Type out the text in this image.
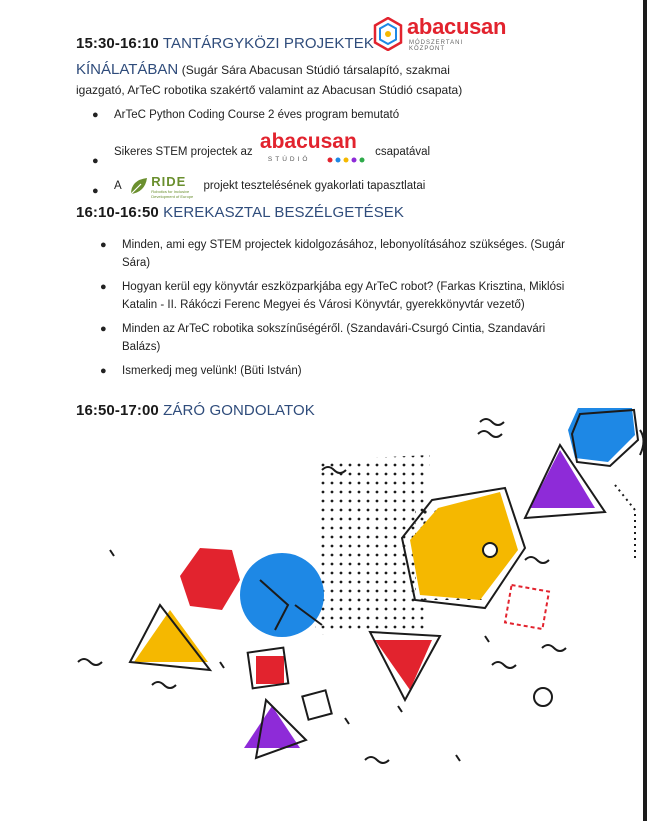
abacusan
MÓDSZERTANI KÖZPONT
15:30-16:10 TANTÁRGYKÖZI PROJEKTEK
KÍNÁLATÁBAN (Sugár Sára Abacusan Stúdió társalapító, szakmai igazgató, ArTeC robotika szakértő valamint az Abacusan Stúdió csapata)
● ArTeC Python Coding Course 2 éves program bemutató
●
Sikeres STEM projectek az abacusan
STÚDIÓ
csapatával
● A RIDE
Robotics for Inclusive Development of Europe
projekt tesztelésének gyakorlati tapasztlatai
16:10-16:50 KEREKASZTAL BESZÉLGETÉSEK
● Minden, ami egy STEM projectek kidolgozásához, lebonyolításához szükséges. (Sugár Sára)
● Hogyan kerül egy könyvtár eszközparkjába egy ArTeC robot? (Farkas Krisztina, Miklósi Katalin - II. Rákóczi Ferenc Megyei és Városi Könyvtár, gyerekkönyvtár vezető)
● Minden az ArTeC robotika sokszínűségéről. (Szandavári-Csurgó Cintia, Szandavári Balázs)
● Ismerkedj meg velünk! (Büti István)
16:50-17:00 ZÁRÓ GONDOLATOK
